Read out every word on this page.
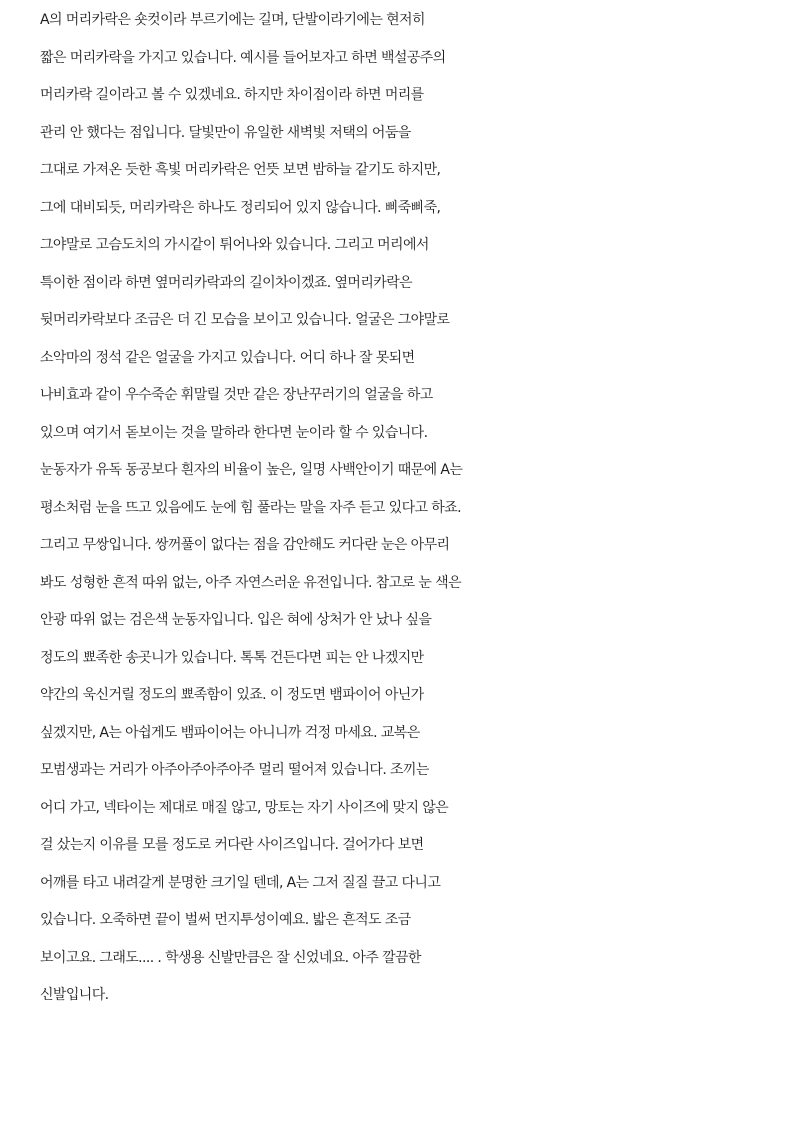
A의 머리카락은 숏컷이라 부르기에는 길며, 단발이라기에는 현저히
짧은 머리카락을 가지고 있습니다. 예시를 들어보자고 하면 백설공주의
머리카락 길이라고 볼 수 있겠네요. 하지만 차이점이라 하면 머리를
관리 안 했다는 점입니다. 달빛만이 유일한 새벽빛 저택의 어둠을
그대로 가져온 듯한 흑빛 머리카락은 언뜻 보면 밤하늘 같기도 하지만,
그에 대비되듯, 머리카락은 하나도 정리되어 있지 않습니다. 삐죽삐죽,
그야말로 고슴도치의 가시같이 튀어나와 있습니다. 그리고 머리에서
특이한 점이라 하면 옆머리카락과의 길이차이겠죠. 옆머리카락은
뒷머리카락보다 조금은 더 긴 모습을 보이고 있습니다. 얼굴은 그야말로
소악마의 정석 같은 얼굴을 가지고 있습니다. 어디 하나 잘 못되면
나비효과 같이 우수죽순 휘말릴 것만 같은 장난꾸러기의 얼굴을 하고
있으며 여기서 돋보이는 것을 말하라 한다면 눈이라 할 수 있습니다.
눈동자가 유독 동공보다 흰자의 비율이 높은, 일명 사백안이기 때문에 A는
평소처럼 눈을 뜨고 있음에도 눈에 힘 풀라는 말을 자주 듣고 있다고 하죠.
그리고 무쌍입니다. 쌍꺼풀이 없다는 점을 감안해도 커다란 눈은 아무리
봐도 성형한 흔적 따위 없는, 아주 자연스러운 유전입니다. 참고로 눈 색은
안광 따위 없는 검은색 눈동자입니다. 입은 혀에 상처가 안 났나 싶을
정도의 뾰족한 송곳니가 있습니다. 톡톡 건든다면 피는 안 나겠지만
약간의 욱신거릴 정도의 뾰족함이 있죠. 이 정도면 뱀파이어 아닌가
싶겠지만, A는 아쉽게도 뱀파이어는 아니니까 걱정 마세요. 교복은
모범생과는 거리가 아주아주아주아주 멀리 떨어져 있습니다. 조끼는
어디 가고, 넥타이는 제대로 매질 않고, 망토는 자기 사이즈에 맞지 않은
걸 샀는지 이유를 모를 정도로 커다란 사이즈입니다. 걸어가다 보면
어깨를 타고 내려갈게 분명한 크기일 텐데, A는 그저 질질 끌고 다니고
있습니다. 오죽하면 끝이 벌써 먼지투성이예요. 밟은 흔적도 조금
보이고요. 그래도.... . 학생용 신발만큼은 잘 신었네요. 아주 깔끔한
신발입니다.
